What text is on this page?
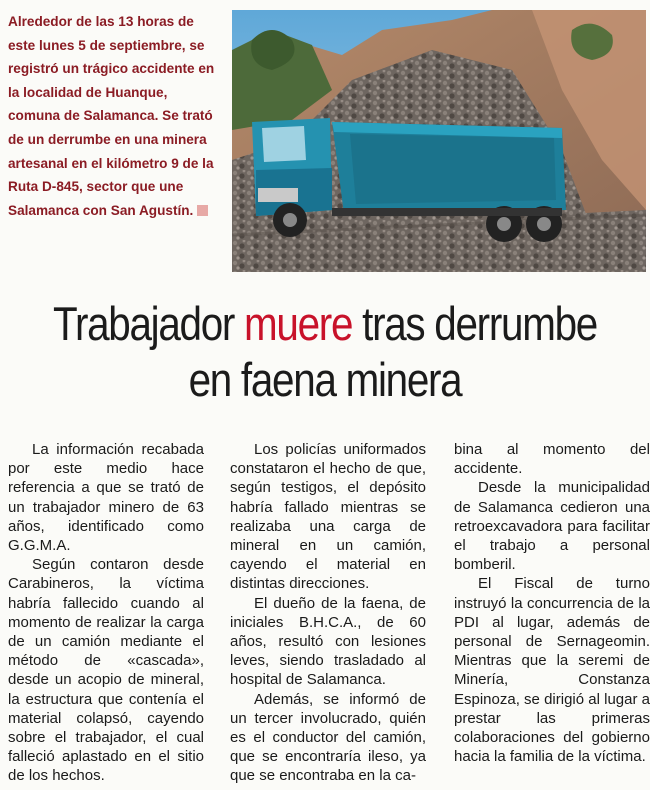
Alrededor de las 13 horas de este lunes 5 de septiembre, se registró un trágico accidente en la localidad de Huanque, comuna de Salamanca. Se trató de un derrumbe en una minera artesanal en el kilómetro 9 de la Ruta D-845, sector que une Salamanca con San Agustín.
Trabajador muere tras derrumbe en faena minera

La información recabada por este medio hace referencia a que se trató de un trabajador minero de 63 años, identificado como G.G.M.A.

Según contaron desde Carabineros, la víctima habría fallecido cuando al momento de realizar la carga de un camión mediante el método de «cascada», desde un acopio de mineral, la estructura que contenía el material colapsó, cayendo sobre el trabajador, el cual falleció aplastado en el sitio de los hechos.

Los policías uniformados constataron el hecho de que, según testigos, el depósito habría fallado mientras se realizaba una carga de mineral en un camión, cayendo el material en distintas direcciones.

El dueño de la faena, de iniciales B.H.C.A., de 60 años, resultó con lesiones leves, siendo trasladado al hospital de Salamanca.

Además, se informó de un tercer involucrado, quién es el conductor del camión, que se encontraría ileso, ya que se encontraba en la ca-

bina al momento del accidente.

Desde la municipalidad de Salamanca cedieron una retroexcavadora para facilitar el trabajo a personal bomberil.

El Fiscal de turno instruyó la concurrencia de la PDI al lugar, además de personal de Sernageomin. Mientras que la seremi de Minería, Constanza Espinoza, se dirigió al lugar a prestar las primeras colaboraciones del gobierno hacia la familia de la víctima.
